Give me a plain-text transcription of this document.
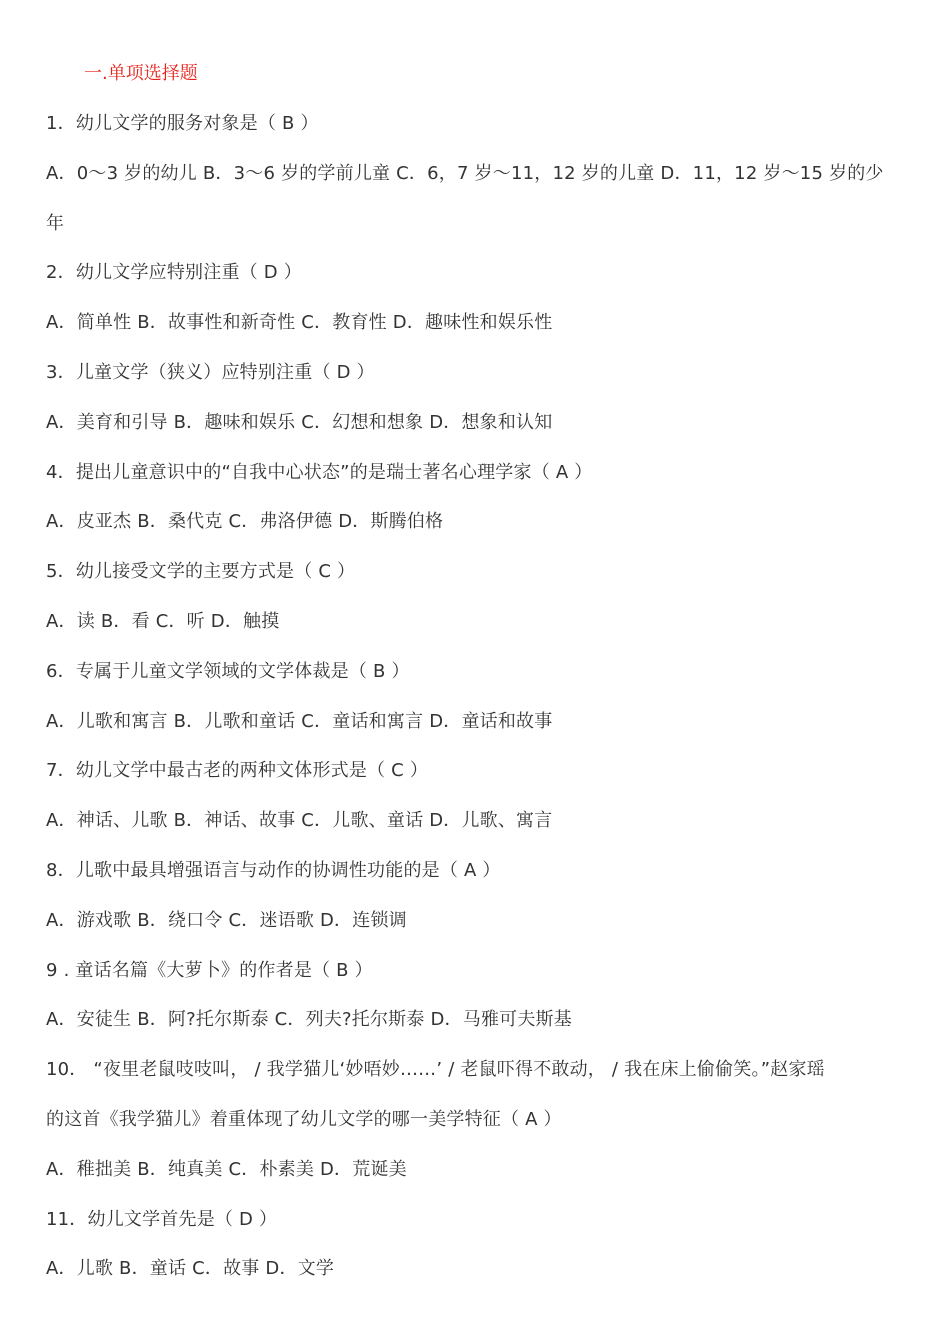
一.单项选择题
1．幼儿文学的服务对象是（ B ）
A．0～3 岁的幼儿 B．3～6 岁的学前儿童 C．6，7 岁～11，12 岁的儿童 D．11，12 岁～15 岁的少
年
2．幼儿文学应特别注重（ D ）
A．简单性 B．故事性和新奇性 C．教育性 D．趣味性和娱乐性
3．儿童文学（狭义）应特别注重（ D ）
A．美育和引导 B．趣味和娱乐 C．幻想和想象 D．想象和认知
4．提出儿童意识中的“自我中心状态”的是瑞士著名心理学家（ A ）
A．皮亚杰 B．桑代克 C．弗洛伊德 D．斯腾伯格
5．幼儿接受文学的主要方式是（ C ）
A．读 B．看 C．听 D．触摸
6．专属于儿童文学领域的文学体裁是（ B ）
A．儿歌和寓言 B．儿歌和童话 C．童话和寓言 D．童话和故事
7．幼儿文学中最古老的两种文体形式是（ C ）
A．神话、儿歌 B．神话、故事 C．儿歌、童话 D．儿歌、寓言
8．儿歌中最具增强语言与动作的协调性功能的是（ A ）
A．游戏歌 B．绕口令 C．迷语歌 D．连锁调
9 . 童话名篇《大萝卜》的作者是（ B ）
A．安徒生 B．阿?托尔斯泰 C．列夫?托尔斯泰 D．马雅可夫斯基
10． “夜里老鼠吱吱叫， / 我学猫儿‘妙唔妙……’ / 老鼠吓得不敢动， / 我在床上偷偷笑。”赵家瑶
的这首《我学猫儿》着重体现了幼儿文学的哪一美学特征（ A ）
A．稚拙美 B．纯真美 C．朴素美 D．荒诞美
11．幼儿文学首先是（ D ）
A．儿歌 B．童话 C．故事 D．文学
